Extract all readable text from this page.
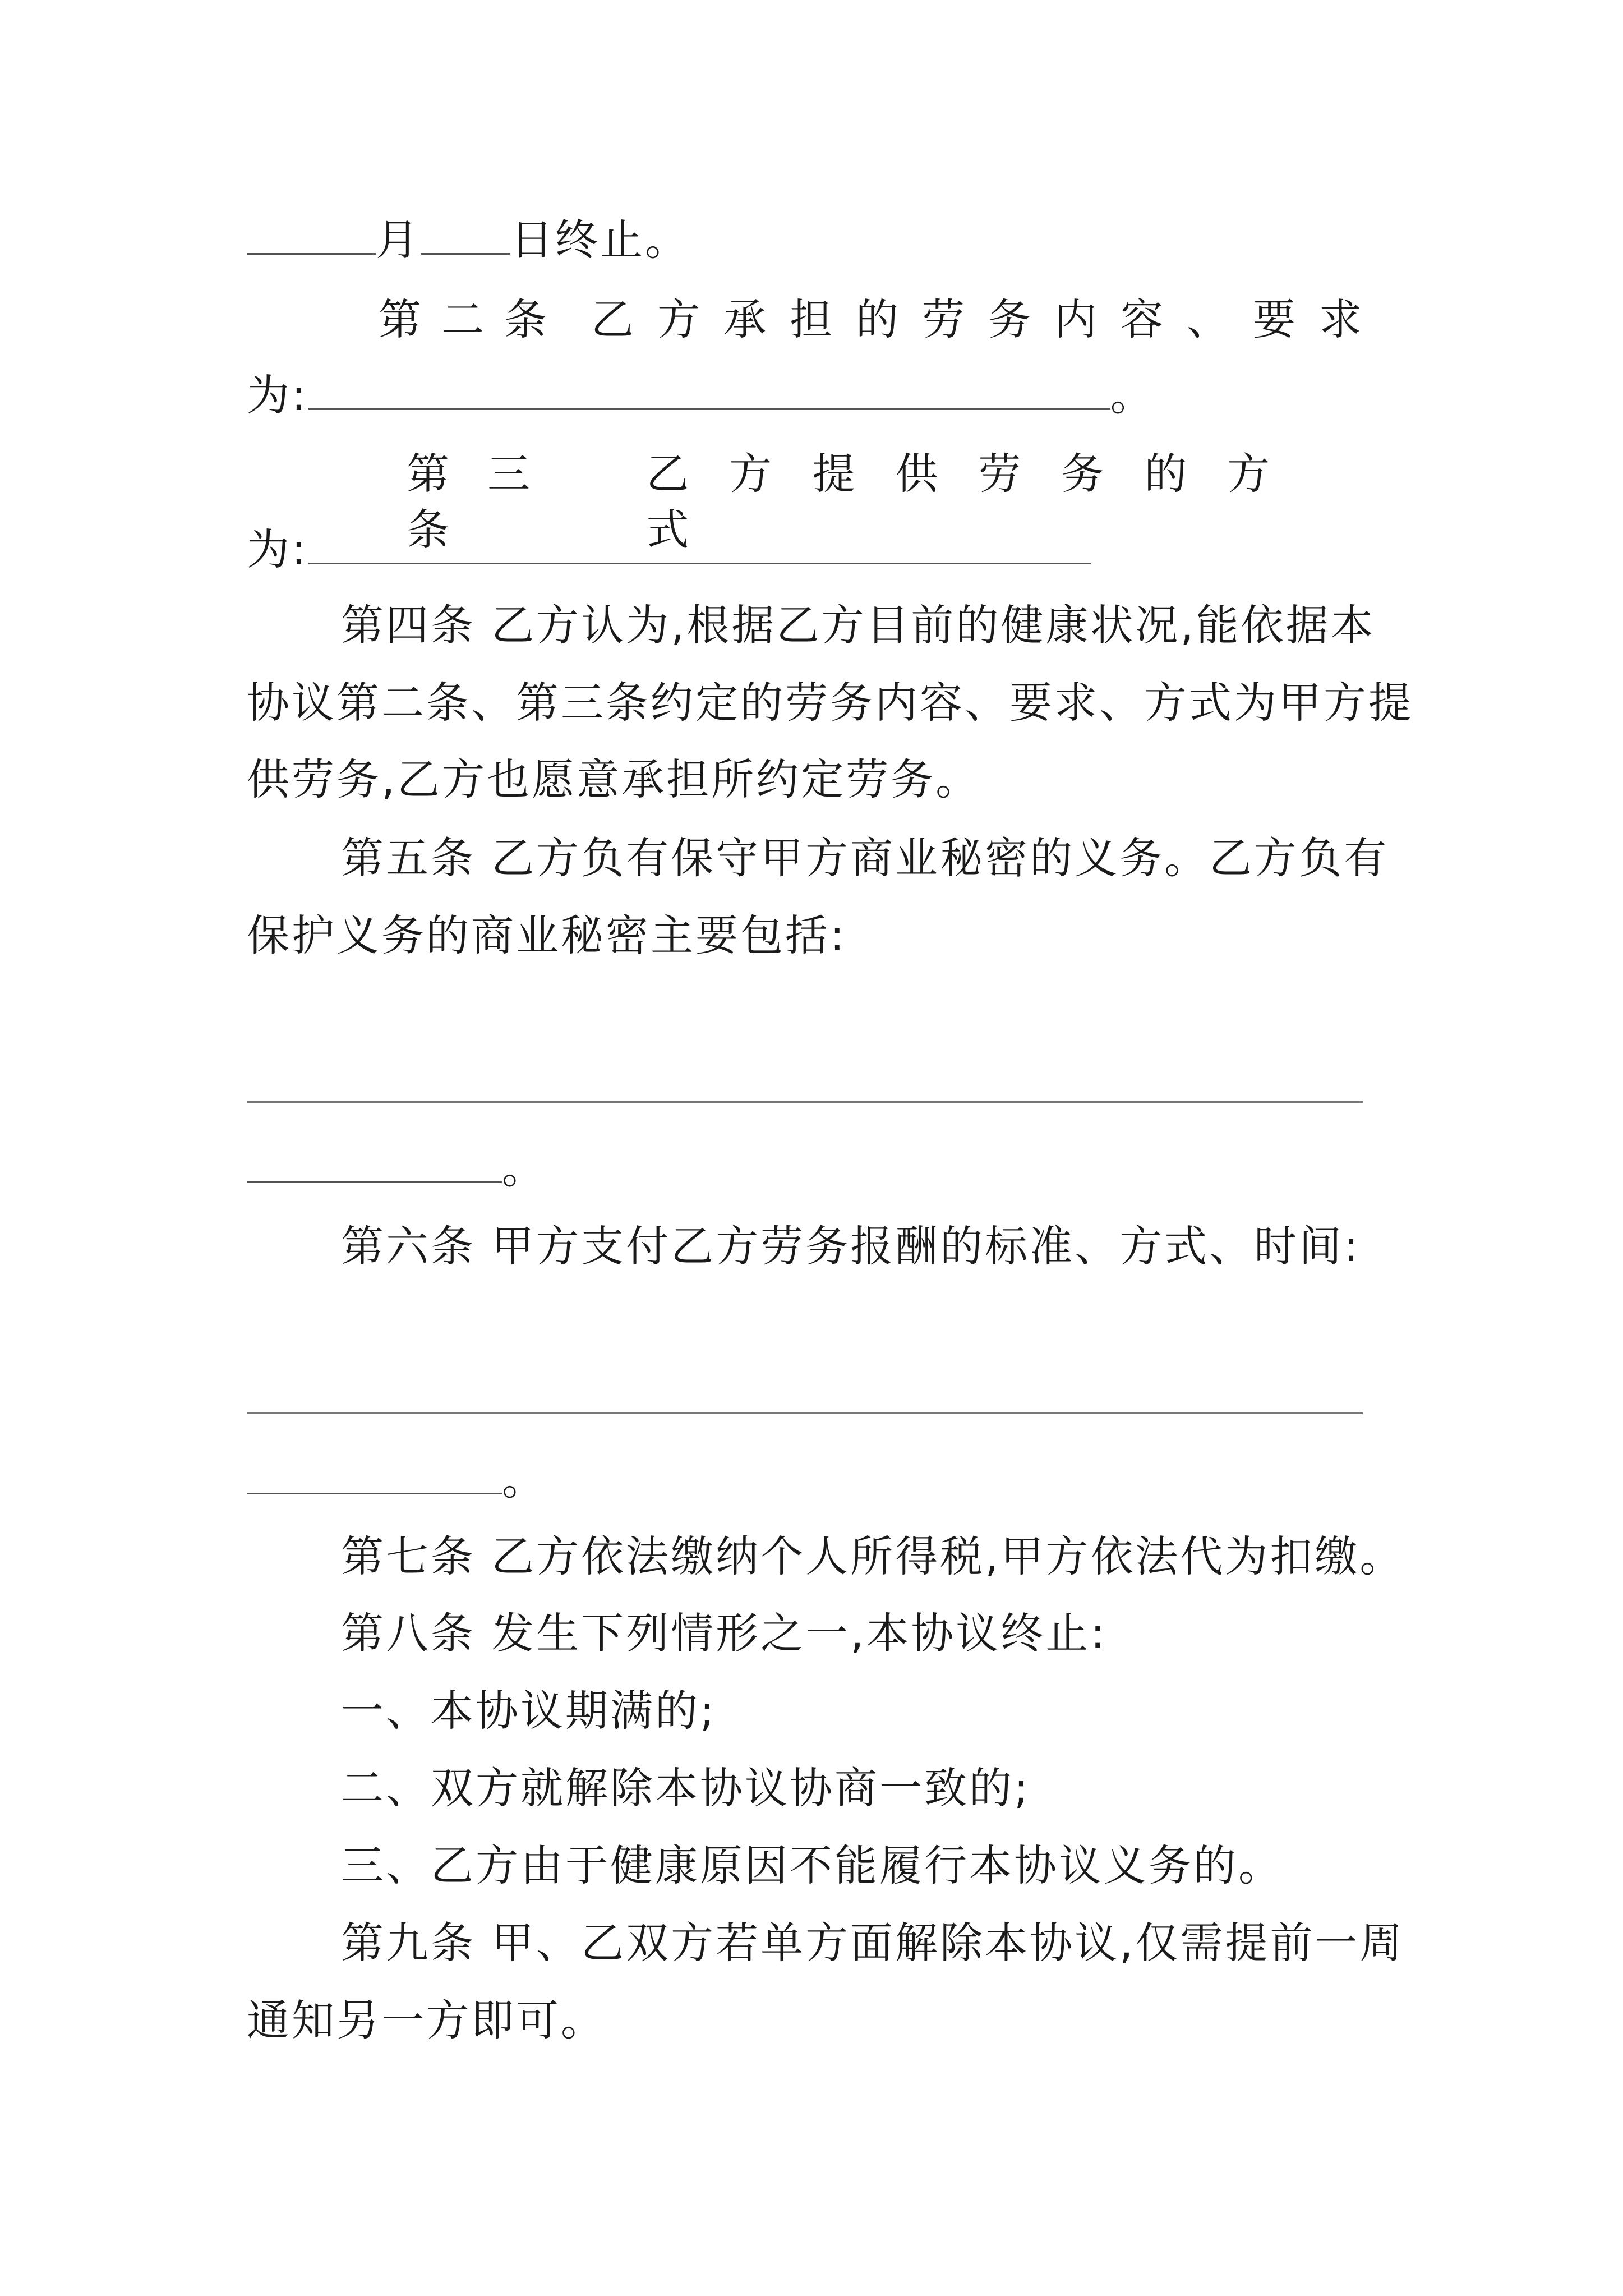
月 日终止。
第二条 乙方承担的劳务内容、要求
为:	。
第三条
乙方提供劳务的方式
为:
第四条 乙方认为,根据乙方目前的健康状况,能依据本
协议第二条、第三条约定的劳务内容、要求、方式为甲方提
供劳务,乙方也愿意承担所约定劳务。
第五条 乙方负有保守甲方商业秘密的义务。乙方负有
保护义务的商业秘密主要包括:
。
第六条 甲方支付乙方劳务报酬的标准、方式、时间:
。
第七条 乙方依法缴纳个人所得税,甲方依法代为扣缴。
第八条 发生下列情形之一,本协议终止:
一、本协议期满的;
二、双方就解除本协议协商一致的;
三、乙方由于健康原因不能履行本协议义务的。
第九条 甲、乙双方若单方面解除本协议,仅需提前一周
通知另一方即可。
